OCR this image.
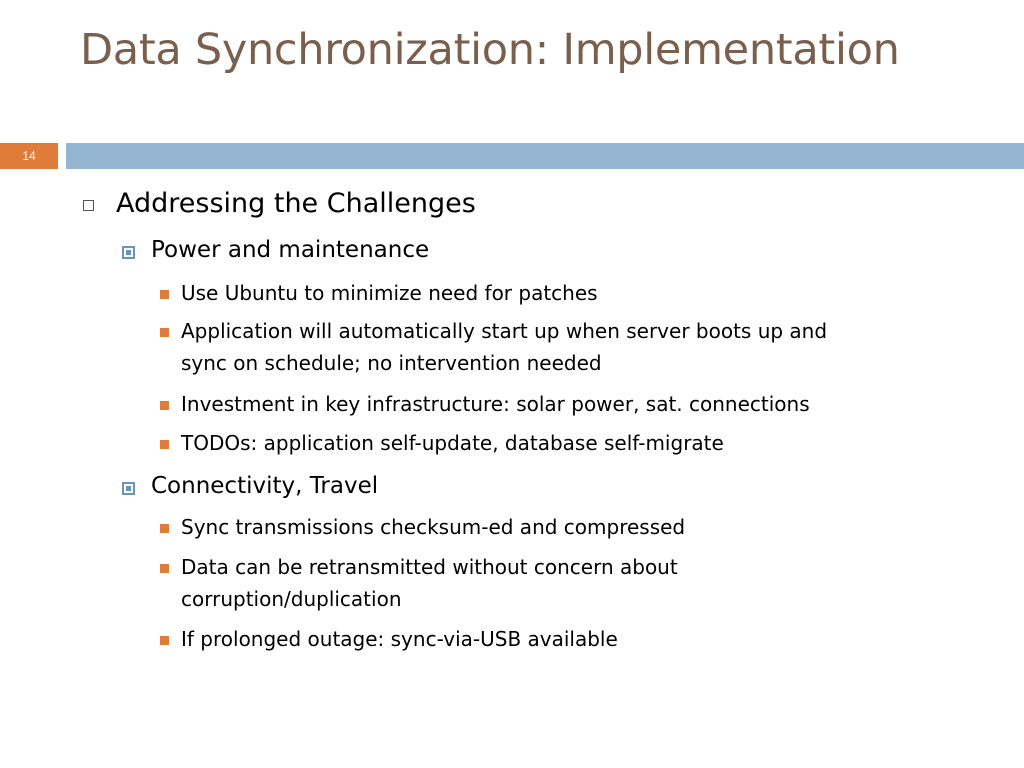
Data Synchronization: Implementation
14
Addressing the Challenges
Power and maintenance
Use Ubuntu to minimize need for patches
Application will automatically start up when server boots up and
sync on schedule; no intervention needed
Investment in key infrastructure: solar power, sat. connections
TODOs: application self-update, database self-migrate
Connectivity, Travel
Sync transmissions checksum-ed and compressed
Data can be retransmitted without concern about
corruption/duplication
If prolonged outage: sync-via-USB available
